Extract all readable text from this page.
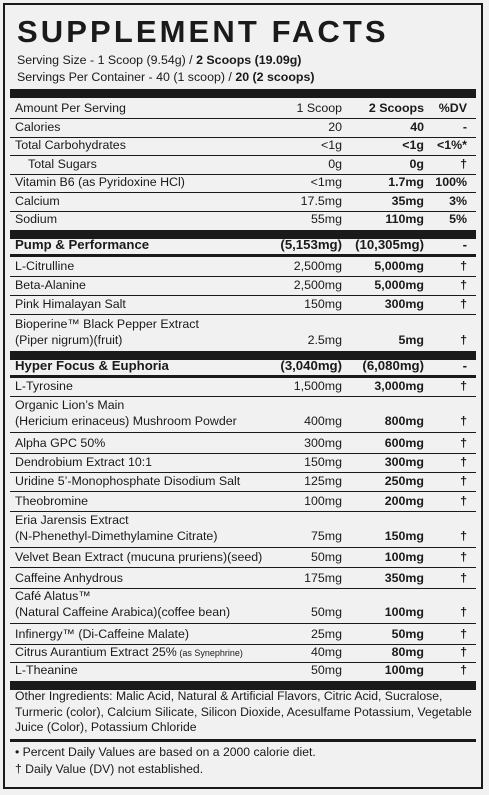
SUPPLEMENT FACTS
Serving Size - 1 Scoop (9.54g) / 2 Scoops (19.09g)
Servings Per Container - 40 (1 scoop) / 20 (2 scoops)
Amount Per Serving	1 Scoop 2 Scoops %DV
Calories	20	40	-
Total Carbohydrates	<1g	<1g <1%*
Total Sugars	0g	0g	†
Vitamin B6 (as Pyridoxine HCl)	<1mg	1.7mg 100%
Calcium	17.5mg	35mg 3%
Sodium	55mg	110mg 5%
Pump & Performance	(5,153mg) (10,305mg)	-
L-Citrulline	2,500mg	5,000mg	†
Beta-Alanine	2,500mg	5,000mg	†
Pink Himalayan Salt	150mg	300mg	†
Bioperine™ Black Pepper Extract
(Piper nigrum)(fruit)	2.5mg	5mg	†
Hyper Focus & Euphoria	(3,040mg) (6,080mg)	-
L-Tyrosine	1,500mg	3,000mg	†
Organic Lion’s Main
(Hericium erinaceus) Mushroom Powder	400mg	800mg	†
Alpha GPC 50%	300mg	600mg	†
Dendrobium Extract 10:1	150mg	300mg	†
Uridine 5’-Monophosphate Disodium Salt	125mg	250mg	†
Theobromine	100mg	200mg	†
Eria Jarensis Extract
(N-Phenethyl-Dimethylamine Citrate)	75mg	150mg	†
Velvet Bean Extract (mucuna pruriens)(seed)	50mg	100mg	†
Caffeine Anhydrous	175mg	350mg	†
Café Alatus™
(Natural Caffeine Arabica)(coffee bean)	50mg	100mg	†
Infinergy™ (Di-Caffeine Malate)	25mg	50mg	†
Citrus Aurantium Extract 25% (as Synephrine)	40mg	80mg	†
L-Theanine	50mg	100mg	†
Other Ingredients: Malic Acid, Natural & Artificial Flavors, Citric Acid, Sucralose, Turmeric (color), Calcium Silicate, Silicon Dioxide, Acesulfame Potassium, Vegetable Juice (Color), Potassium Chloride
• Percent Daily Values are based on a 2000 calorie diet.
† Daily Value (DV) not established.
